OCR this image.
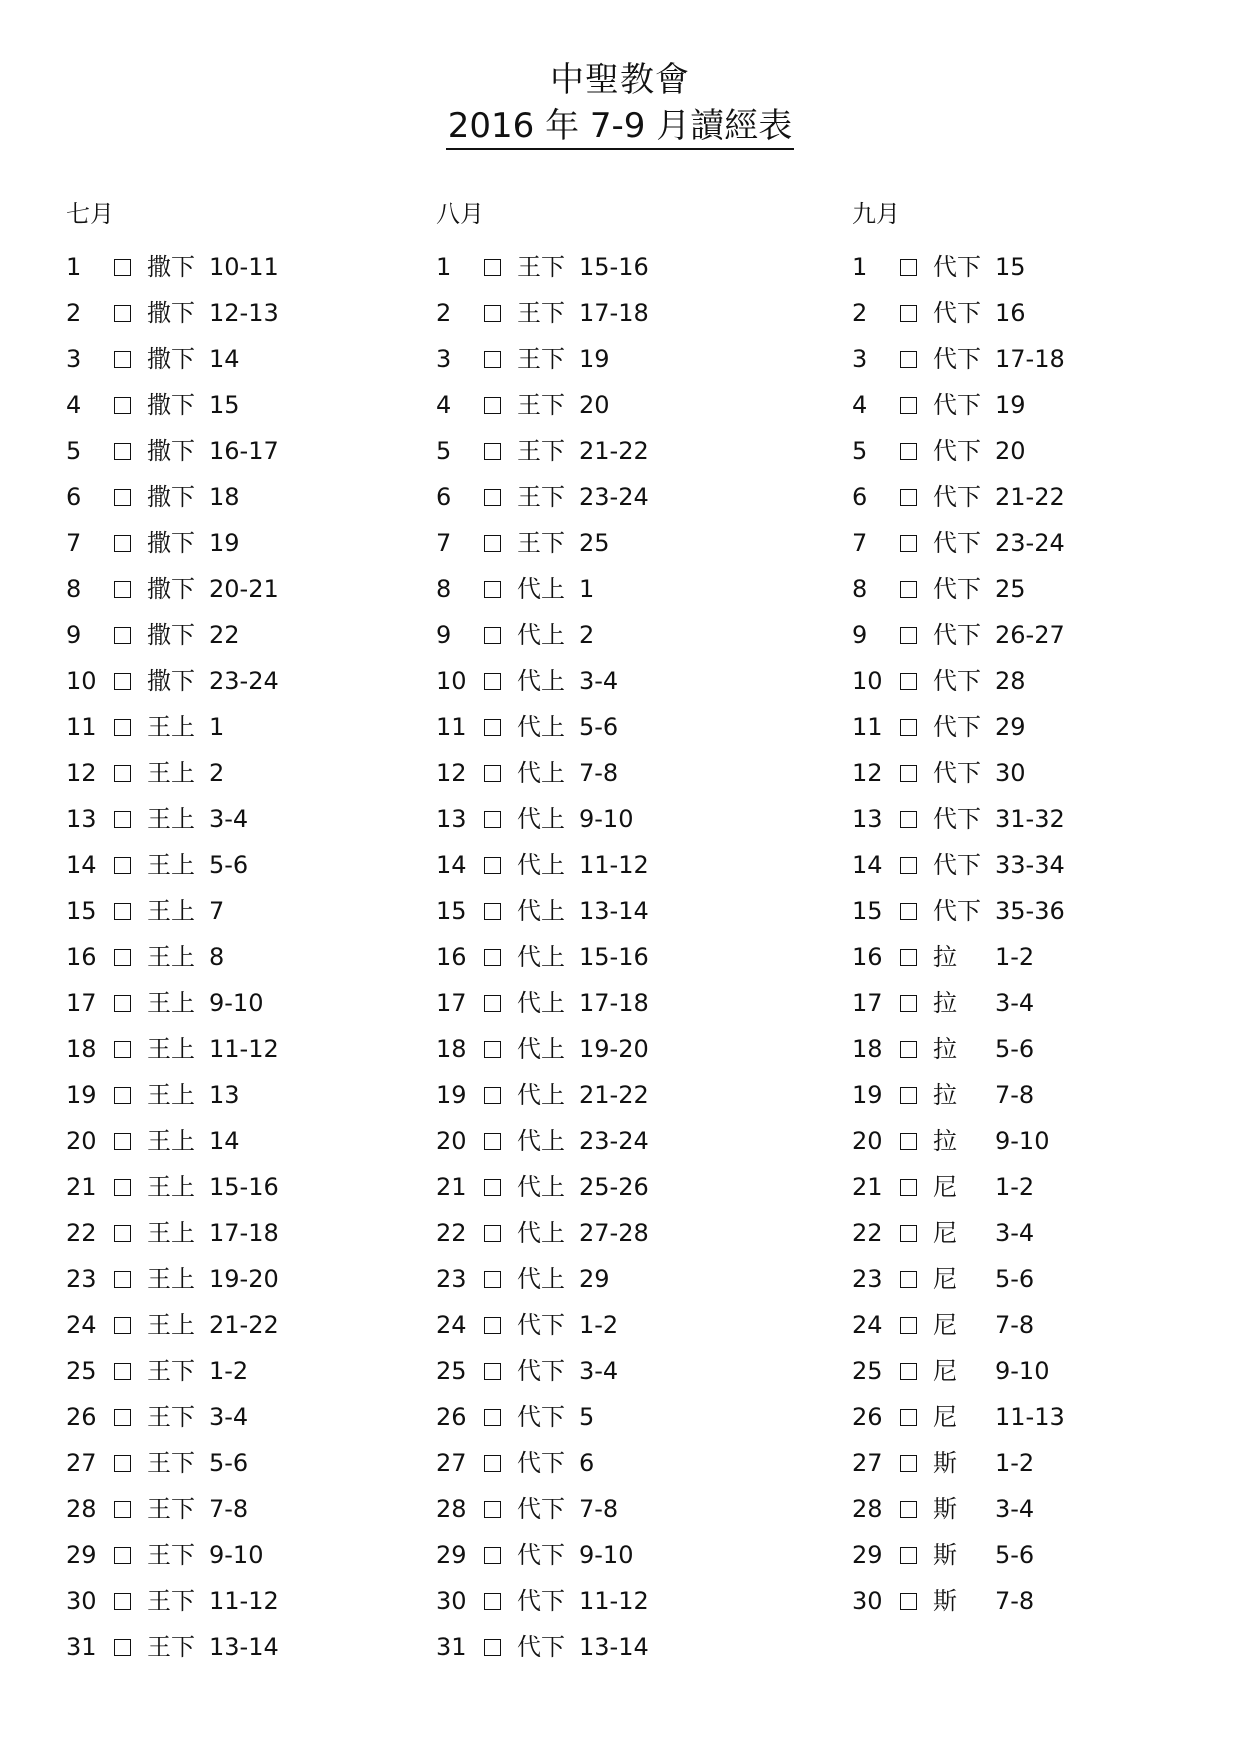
中聖教會
2016 年 7-9 月讀經表
七月
1	撒下 10-11
2	撒下 12-13
3	撒下 14
4	撒下 15
5	撒下 16-17
6	撒下 18
7	撒下 19
8	撒下 20-21
9	撒下 22
10	撒下 23-24
11	王上 1
12	王上 2
13	王上 3-4
14	王上 5-6
15	王上 7
16	王上 8
17	王上 9-10
18	王上 11-12
19	王上 13
20	王上 14
21	王上 15-16
22	王上 17-18
23	王上 19-20
24	王上 21-22
25	王下 1-2
26	王下 3-4
27	王下 5-6
28	王下 7-8
29	王下 9-10
30	王下 11-12
31	王下 13-14
八月
1	王下 15-16
2	王下 17-18
3	王下 19
4	王下 20
5	王下 21-22
6	王下 23-24
7	王下 25
8	代上 1
9	代上 2
10	代上 3-4
11	代上 5-6
12	代上 7-8
13	代上 9-10
14	代上 11-12
15	代上 13-14
16	代上 15-16
17	代上 17-18
18	代上 19-20
19	代上 21-22
20	代上 23-24
21	代上 25-26
22	代上 27-28
23	代上 29
24	代下 1-2
25	代下 3-4
26	代下 5
27	代下 6
28	代下 7-8
29	代下 9-10
30	代下 11-12
31	代下 13-14
九月
1	代下 15
2	代下 16
3	代下 17-18
4	代下 19
5	代下 20
6	代下 21-22
7	代下 23-24
8	代下 25
9	代下 26-27
10	代下 28
11	代下 29
12	代下 30
13	代下 31-32
14	代下 33-34
15	代下 35-36
16	拉	1-2
17	拉	3-4
18	拉	5-6
19	拉	7-8
20	拉	9-10
21	尼	1-2
22	尼	3-4
23	尼	5-6
24	尼	7-8
25	尼	9-10
26	尼	11-13
27	斯	1-2
28	斯	3-4
29	斯	5-6
30	斯	7-8
